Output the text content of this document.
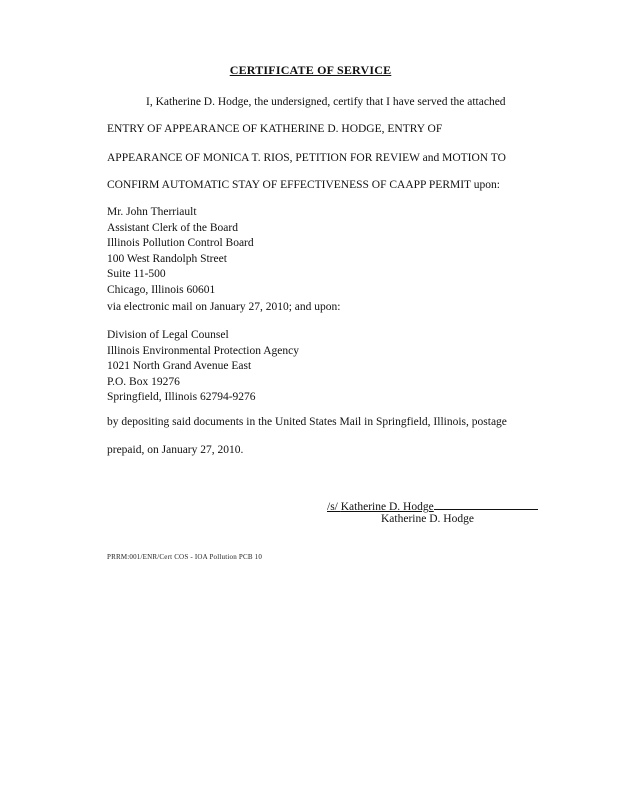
CERTIFICATE OF SERVICE
I, Katherine D. Hodge, the undersigned, certify that I have served the attached
ENTRY OF APPEARANCE OF KATHERINE D. HODGE, ENTRY OF
APPEARANCE OF MONICA T. RIOS, PETITION FOR REVIEW and MOTION TO
CONFIRM AUTOMATIC STAY OF EFFECTIVENESS OF CAAPP PERMIT upon:
Mr. John Therriault
Assistant Clerk of the Board
Illinois Pollution Control Board
100 West Randolph Street
Suite 11-500
Chicago, Illinois 60601
via electronic mail on January 27, 2010; and upon:
Division of Legal Counsel
Illinois Environmental Protection Agency
1021 North Grand Avenue East
P.O. Box 19276
Springfield, Illinois 62794-9276
by depositing said documents in the United States Mail in Springfield, Illinois, postage
prepaid, on January 27, 2010.
/s/ Katherine D. Hodge
Katherine D. Hodge
PRRM:001/ENR/Cert COS - IOA Pollution PCB 10
